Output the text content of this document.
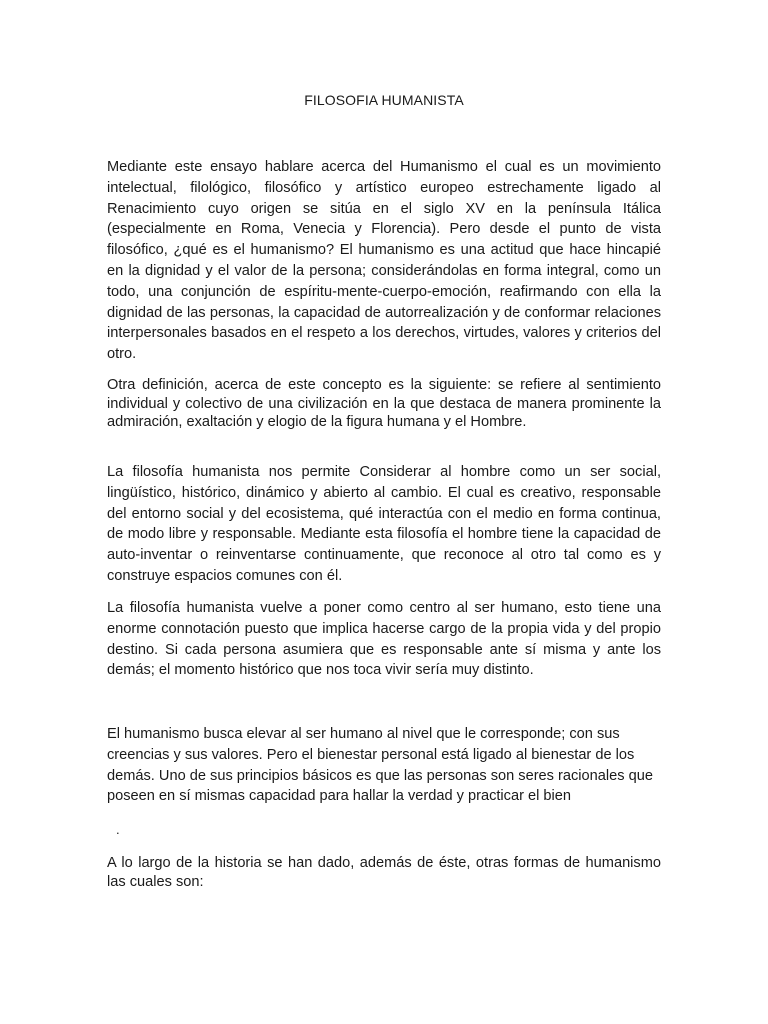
FILOSOFIA HUMANISTA

Mediante este ensayo hablare acerca del Humanismo el cual es un movimiento intelectual, filológico, filosófico y artístico europeo estrechamente ligado al Renacimiento cuyo origen se sitúa en el siglo XV en la península Itálica (especialmente en Roma, Venecia y Florencia). Pero desde el punto de vista filosófico, ¿qué es el humanismo? El humanismo es una actitud que hace hincapié en la dignidad y el valor de la persona; considerándolas en forma integral, como un todo, una conjunción de espíritu-mente-cuerpo-emoción, reafirmando con ella la dignidad de las personas, la capacidad de autorrealización y de conformar relaciones interpersonales basados en el respeto a los derechos, virtudes, valores y criterios del otro.

Otra definición, acerca de este concepto es la siguiente: se refiere al sentimiento individual y colectivo de una civilización en la que destaca de manera prominente la admiración, exaltación y elogio de la figura humana y el Hombre.

La filosofía humanista nos permite Considerar al hombre como un ser social, lingüístico, histórico, dinámico y abierto al cambio. El cual es creativo, responsable del entorno social y del ecosistema, qué interactúa con el medio en forma continua, de modo libre y responsable. Mediante esta filosofía el hombre tiene la capacidad de auto-inventar o reinventarse continuamente, que reconoce al otro tal como es y construye espacios comunes con él.

La filosofía humanista vuelve a poner como centro al ser humano, esto tiene una enorme connotación puesto que implica hacerse cargo de la propia vida y del propio destino. Si cada persona asumiera que es responsable ante sí misma y ante los demás; el momento histórico que nos toca vivir sería muy distinto.

El humanismo busca elevar al ser humano al nivel que le corresponde; con sus creencias y sus valores. Pero el bienestar personal está ligado al bienestar de los demás. Uno de sus principios básicos es que las personas son seres racionales que poseen en sí mismas capacidad para hallar la verdad y practicar el bien

.

A lo largo de la historia se han dado, además de éste, otras formas de humanismo las cuales son:
